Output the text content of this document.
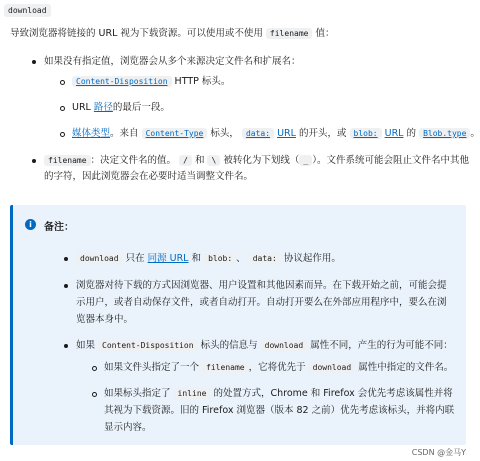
download
导致浏览器将链接的 URL 视为下载资源。可以使用或不使用 filename 值：
如果没有指定值，浏览器会从多个来源决定文件名和扩展名：
Content-Disposition HTTP 标头。
URL 路径的最后一段。
媒体类型。来自 Content-Type 标头， data: URL 的开头，或 blob: URL 的 Blob.type 。
filename ：决定文件名的值。 / 和 \ 被转化为下划线（ _ ）。文件系统可能会阻止文件名中其他
的字符，因此浏览器会在必要时适当调整文件名。
i	备注：
download 只在 同源 URL 和 blob: 、 data: 协议起作用。
浏览器对待下载的方式因浏览器、用户设置和其他因素而异。在下载开始之前，可能会提
示用户，或者自动保存文件，或者自动打开。自动打开要么在外部应用程序中，要么在浏
览器本身中。
如果 Content-Disposition 标头的信息与 download 属性不同，产生的行为可能不同：
如果文件头指定了一个 filename ，它将优先于 download 属性中指定的文件名。
如果标头指定了 inline 的处置方式，Chrome 和 Firefox 会优先考虑该属性并将
其视为下载资源。旧的 Firefox 浏览器（版本 82 之前）优先考虑该标头，并将内联
显示内容。
CSDN @金马Y
